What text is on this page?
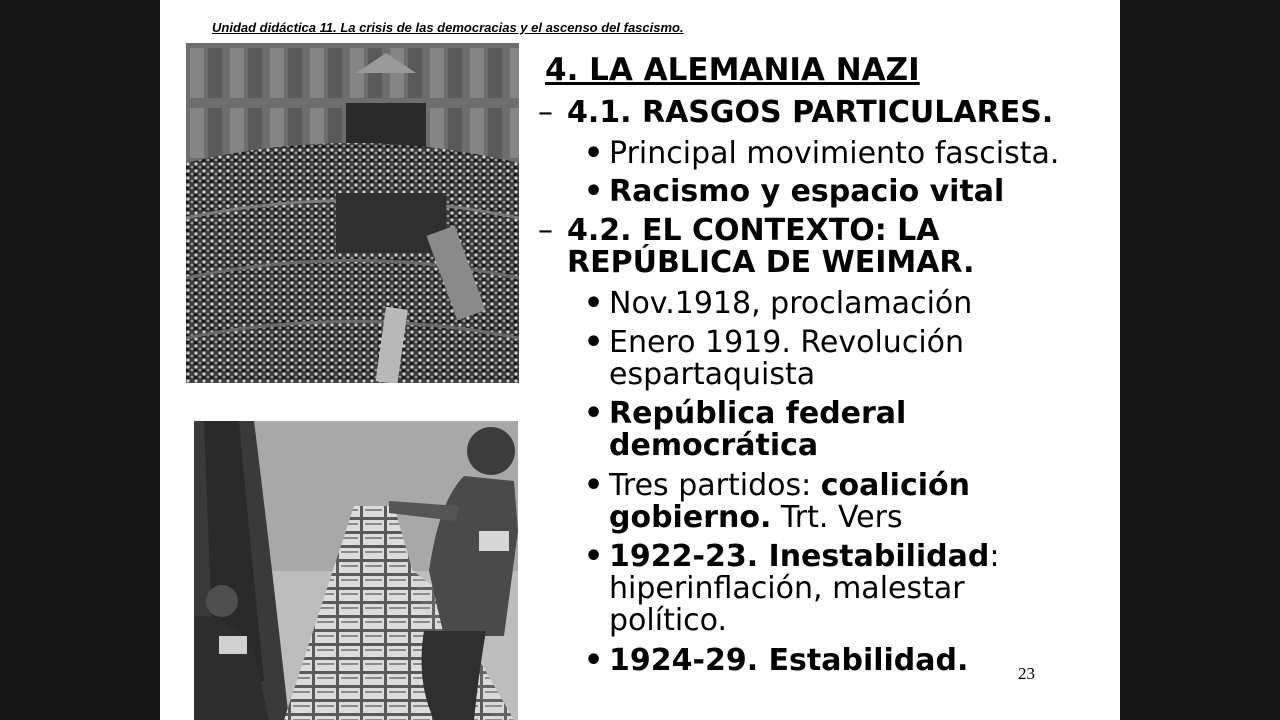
Unidad didáctica 11. La crisis de las democracias y el ascenso del fascismo.
4. LA ALEMANIA NAZI
– 4.1. RASGOS PARTICULARES.
• Principal movimiento fascista.
• Racismo y espacio vital
– 4.2. EL CONTEXTO: LA
REPÚBLICA DE WEIMAR.
• Nov.1918, proclamación
• Enero 1919. Revolución
espartaquista
• República federal
democrática
• Tres partidos: coalición
gobierno. Trt. Vers
• 1922-23. Inestabilidad:
hiperinflación, malestar
político.
• 1924-29. Estabilidad.	23
